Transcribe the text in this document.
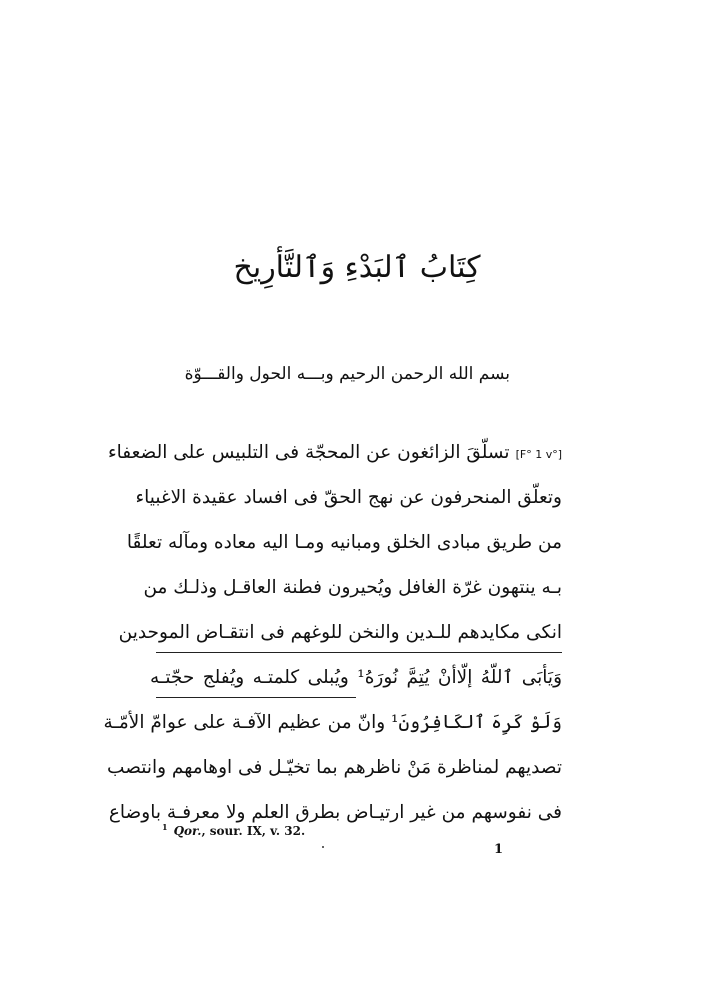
كِتَابُ ٱلبَدْءِ وَٱلتَّأرِيخ
بسم الله الرحمن الرحيم وبـــه الحول والقـــوّة
[F° 1 v°]تسلّقَ الزائغون عن المحجّة فى التلبيس على الضعفاء
وتعلّق المنحرفون عن نهج الحقّ فى افساد عقيدة الاغبياء
من طريق مبادى الخلق ومبانيه ومـا اليه معاده ومآله تعلقًا
بـه ينتهون غرّة الغافل ويُحيرون فطنة العاقـل وذلـك من
انكى مكايدهم للـدين والنخن للوغهم فى انتقـاض الموحدين
وَيَأبَى ٱللّهُ إلّاأنْ يُتِمَّ نُورَهُ¹ ويُبلى كلمتـه ويُفلج حجّتـه
وَلَوْ كَرِهَ ٱلكَافِرُونَ¹ وانّ من عظيم الآفـة على عوامّ الأمّـة
تصديهم لمناظرة مَنْ ناظرهم بما تخيّـل فى اوهامهم وانتصب
فى نفوسهم من غير ارتيـاض بطرق العلم ولا معرفـة باوضاع
$^1$ Qor., sour. IX, v. 32.
1
